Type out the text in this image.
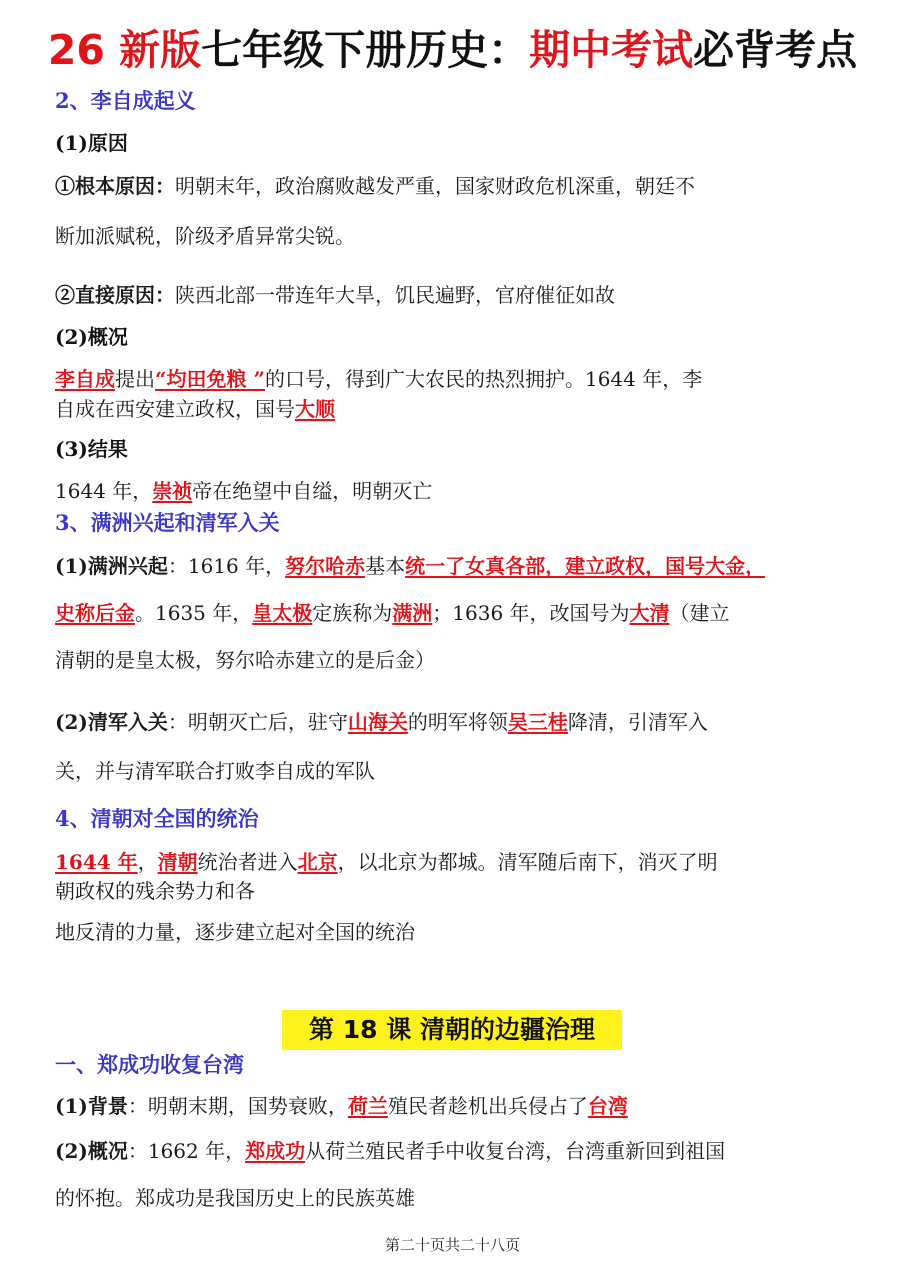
26 新版七年级下册历史：期中考试必背考点
2、李自成起义
(1)原因
①根本原因：明朝末年，政治腐败越发严重，国家财政危机深重，朝廷不
断加派赋税，阶级矛盾异常尖锐。
②直接原因：陕西北部一带连年大旱，饥民遍野，官府催征如故
(2)概况
李自成提出“均田免粮 ”的口号，得到广大农民的热烈拥护。1644 年，李
自成在西安建立政权，国号大顺
(3)结果
1644 年，崇祯帝在绝望中自缢，明朝灭亡
3、满洲兴起和清军入关
(1)满洲兴起：1616 年，努尔哈赤基本统一了女真各部，建立政权，国号大金，
史称后金。1635 年，皇太极定族称为满洲；1636 年，改国号为大清（建立
清朝的是皇太极，努尔哈赤建立的是后金）
(2)清军入关：明朝灭亡后，驻守山海关的明军将领吴三桂降清，引清军入
关，并与清军联合打败李自成的军队
4、清朝对全国的统治
1644 年，清朝统治者进入北京，以北京为都城。清军随后南下，消灭了明
朝政权的残余势力和各
地反清的力量，逐步建立起对全国的统治
第 18 课 清朝的边疆治理
一、郑成功收复台湾
(1)背景：明朝末期，国势衰败，荷兰殖民者趁机出兵侵占了台湾
(2)概况：1662 年，郑成功从荷兰殖民者手中收复台湾，台湾重新回到祖国
的怀抱。郑成功是我国历史上的民族英雄
第二十页共二十八页
